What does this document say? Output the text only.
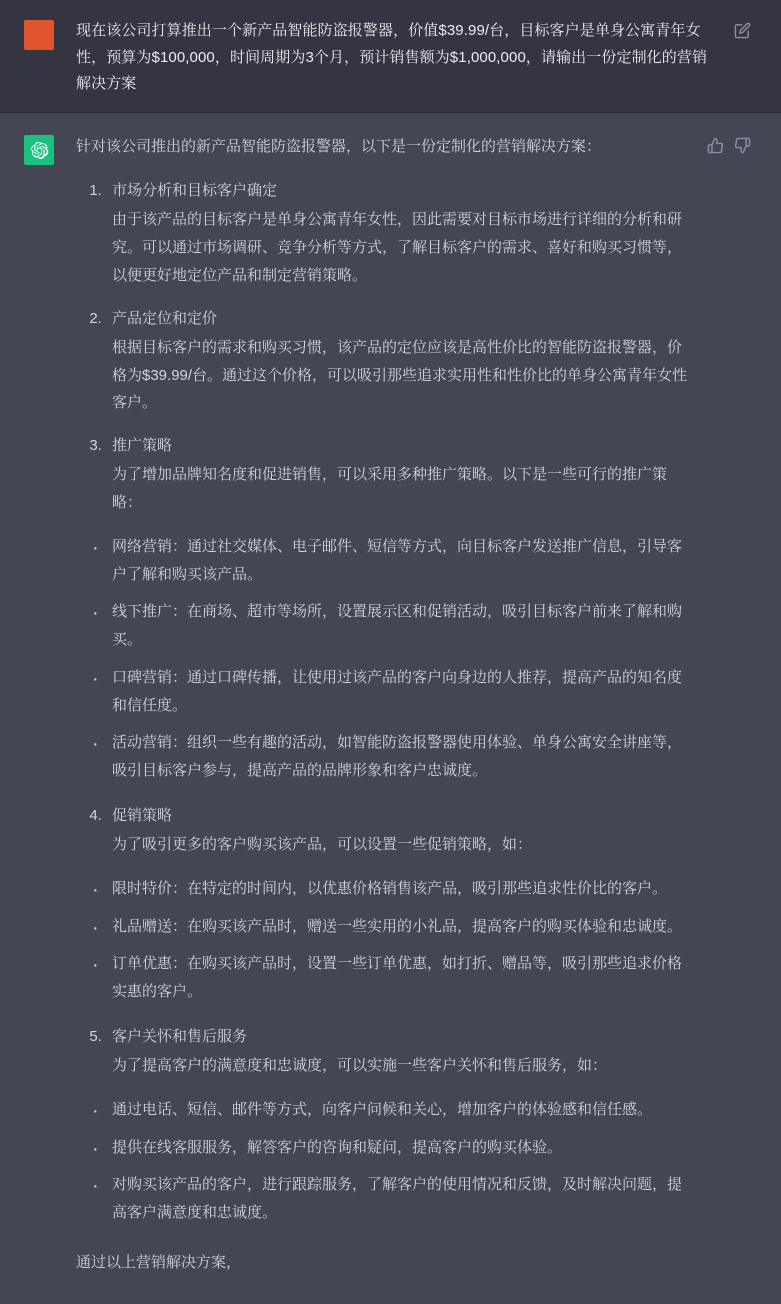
现在该公司打算推出一个新产品智能防盗报警器，价值$39.99/台，目标客户是单身公寓青年女性，预算为$100,000，时间周期为3个月，预计销售额为$1,000,000，请输出一份定制化的营销解决方案

针对该公司推出的新产品智能防盗报警器，以下是一份定制化的营销解决方案：

1. 市场分析和目标客户确定
由于该产品的目标客户是单身公寓青年女性，因此需要对目标市场进行详细的分析和研究。可以通过市场调研、竞争分析等方式，了解目标客户的需求、喜好和购买习惯等，以便更好地定位产品和制定营销策略。
2. 产品定位和定价
根据目标客户的需求和购买习惯，该产品的定位应该是高性价比的智能防盗报警器，价格为$39.99/台。通过这个价格，可以吸引那些追求实用性和性价比的单身公寓青年女性客户。
3. 推广策略
为了增加品牌知名度和促进销售，可以采用多种推广策略。以下是一些可行的推广策略：
· 网络营销：通过社交媒体、电子邮件、短信等方式，向目标客户发送推广信息，引导客户了解和购买该产品。
· 线下推广：在商场、超市等场所，设置展示区和促销活动，吸引目标客户前来了解和购买。
· 口碑营销：通过口碑传播，让使用过该产品的客户向身边的人推荐，提高产品的知名度和信任度。
· 活动营销：组织一些有趣的活动，如智能防盗报警器使用体验、单身公寓安全讲座等，吸引目标客户参与，提高产品的品牌形象和客户忠诚度。
4. 促销策略
为了吸引更多的客户购买该产品，可以设置一些促销策略，如：
· 限时特价：在特定的时间内，以优惠价格销售该产品，吸引那些追求性价比的客户。
· 礼品赠送：在购买该产品时，赠送一些实用的小礼品，提高客户的购买体验和忠诚度。
· 订单优惠：在购买该产品时，设置一些订单优惠，如打折、赠品等，吸引那些追求价格实惠的客户。
5. 客户关怀和售后服务
为了提高客户的满意度和忠诚度，可以实施一些客户关怀和售后服务，如：
· 通过电话、短信、邮件等方式，向客户问候和关心，增加客户的体验感和信任感。
· 提供在线客服服务，解答客户的咨询和疑问，提高客户的购买体验。
· 对购买该产品的客户，进行跟踪服务，了解客户的使用情况和反馈，及时解决问题，提高客户满意度和忠诚度。

通过以上营销解决方案，
